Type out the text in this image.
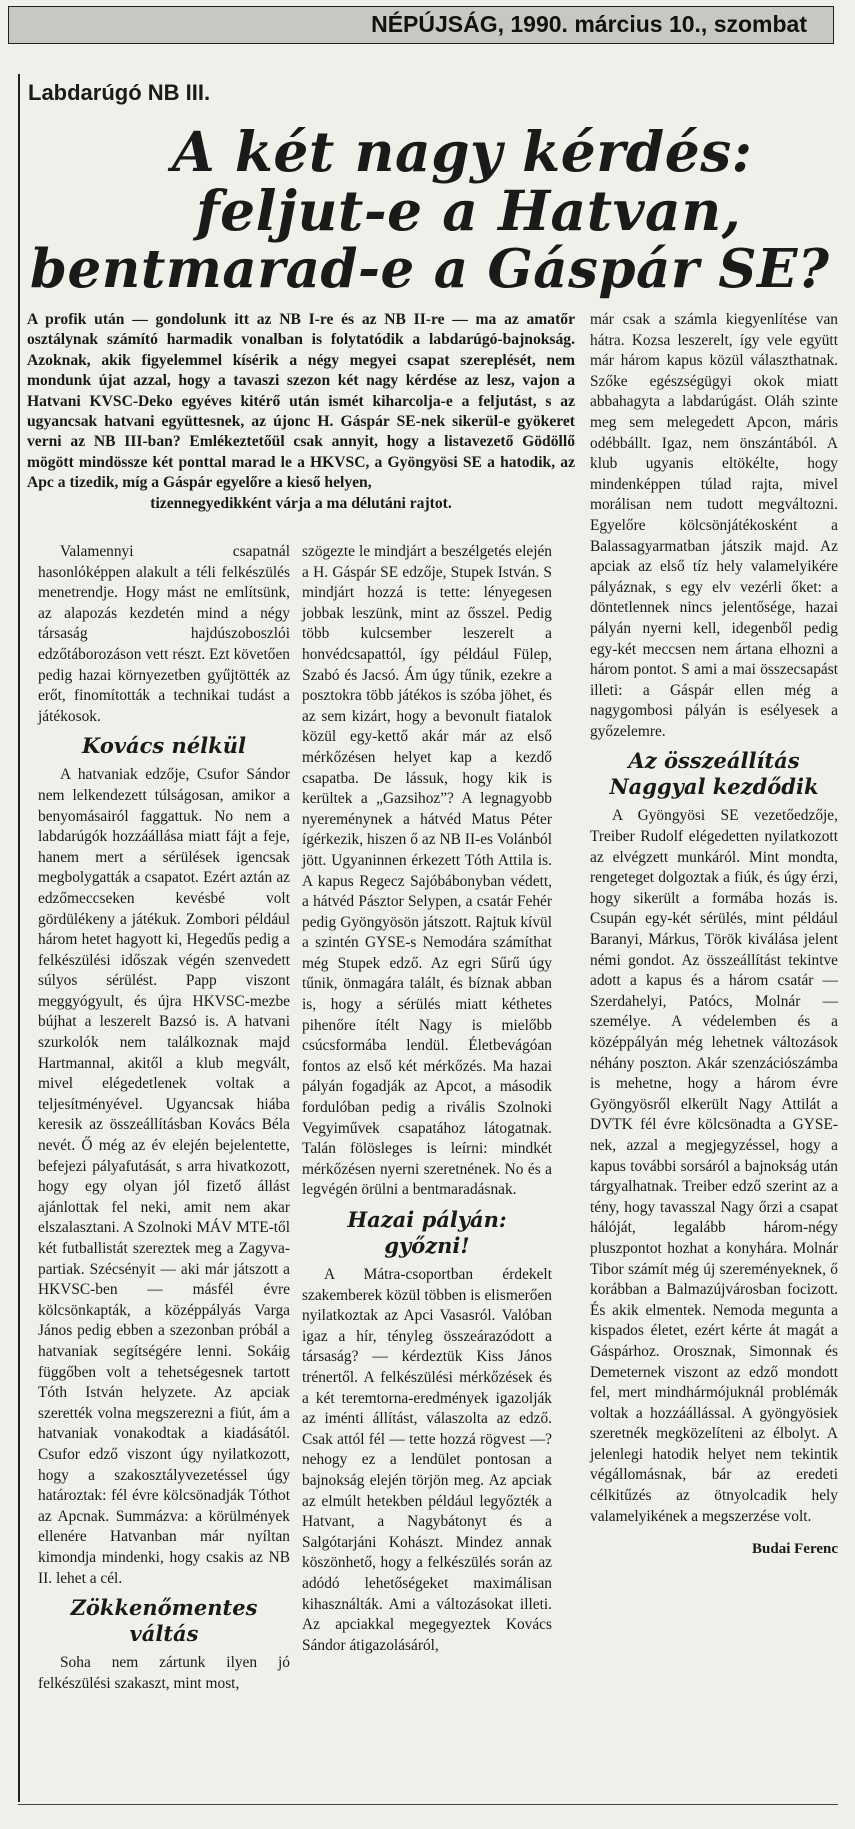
NÉPÚJSÁG, 1990. március 10., szombat
Labdarúgó NB III.
A két nagy kérdés:
feljut-e a Hatvan,
bentmarad-e a Gáspár SE?
A profik után — gondolunk itt az NB I-re és az NB II-re — ma az amatőr osztálynak számító harmadik vonalban is folytatódik a labdarúgó-bajnokság. Azoknak, akik figyelemmel kísérik a négy megyei csapat szereplését, nem mondunk újat azzal, hogy a tavaszi szezon két nagy kérdése az lesz, vajon a Hatvani KVSC-Deko egyéves kitérő után ismét kiharcolja-e a feljutást, s az ugyancsak hatvani együttesnek, az újonc H. Gáspár SE-nek sikerül-e gyökeret verni az NB III-ban? Emlékeztetőül csak annyit, hogy a listavezető Gödöllő mögött mindössze két ponttal marad le a HKVSC, a Gyöngyösi SE a hatodik, az Apc a tizedik, míg a Gáspár egyelőre a kieső helyen,
tizennegyedikként várja a ma délutáni rajtot.

Valamennyi csapatnál hasonlóképpen alakult a téli felkészülés menetrendje. Hogy mást ne említsünk, az alapozás kezdetén mind a négy társaság hajdúszoboszlói edzőtáborozáson vett részt. Ezt követően pedig hazai környezetben gyűjtötték az erőt, finomították a technikai tudást a játékosok.

Kovács nélkül

A hatvaniak edzője, Csufor Sándor nem lelkendezett túlságosan, amikor a benyomásairól faggattuk. No nem a labdarúgók hozzáállása miatt fájt a feje, hanem mert a sérülések igencsak megbolygatták a csapatot. Ezért aztán az edzőmeccseken kevésbé volt gördülékeny a játékuk. Zombori például három hetet hagyott ki, Hegedűs pedig a felkészülési időszak végén szenvedett súlyos sérülést. Papp viszont meggyógyult, és újra HKVSC-mezbe bújhat a leszerelt Bazsó is. A hatvani szurkolók nem találkoznak majd Hartmannal, akitől a klub megvált, mivel elégedetlenek voltak a teljesítményével. Ugyancsak hiába keresik az összeállításban Kovács Béla nevét. Ő még az év elején bejelentette, befejezi pályafutását, s arra hivatkozott, hogy egy olyan jól fizető állást ajánlottak fel neki, amit nem akar elszalasztani. A Szolnoki MÁV MTE-től két futballistát szereztek meg a Zagyva-partiak. Szécsényit — aki már játszott a HKVSC-ben — másfél évre kölcsönkapták, a középpályás Varga János pedig ebben a szezonban próbál a hatvaniak segítségére lenni. Sokáig függőben volt a tehetségesnek tartott Tóth István helyzete. Az apciak szerették volna megszerezni a fiút, ám a hatvaniak vonakodtak a kiadásától. Csufor edző viszont úgy nyilatkozott, hogy a szakosztályvezetéssel úgy határoztak: fél évre kölcsönadják Tóthot az Apcnak. Summázva: a körülmények ellenére Hatvanban már nyíltan kimondja mindenki, hogy csakis az NB II. lehet a cél.

Zökkenőmentes váltás

Soha nem zártunk ilyen jó felkészülési szakaszt, mint most,

szögezte le mindjárt a beszélgetés elején a H. Gáspár SE edzője, Stupek István. S mindjárt hozzá is tette: lényegesen jobbak leszünk, mint az ősszel. Pedig több kulcsember leszerelt a honvédcsapattól, így például Fülep, Szabó és Jacsó. Ám úgy tűnik, ezekre a posztokra több játékos is szóba jöhet, és az sem kizárt, hogy a bevonult fiatalok közül egy-kettő akár már az első mérkőzésen helyet kap a kezdő csapatba. De lássuk, hogy kik is kerültek a „Gazsihoz”? A legnagyobb nyereménynek a hátvéd Matus Péter ígérkezik, hiszen ő az NB II-es Volánból jött. Ugyaninnen érkezett Tóth Attila is. A kapus Regecz Sajóbábonyban védett, a hátvéd Pásztor Selypen, a csatár Fehér pedig Gyöngyösön játszott. Rajtuk kívül a szintén GYSE-s Nemodára számíthat még Stupek edző. Az egri Sűrű úgy tűnik, önmagára talált, és bíznak abban is, hogy a sérülés miatt kéthetes pihenőre ítélt Nagy is mielőbb csúcsformába lendül. Életbevágóan fontos az első két mérkőzés. Ma hazai pályán fogadják az Apcot, a második fordulóban pedig a rivális Szolnoki Vegyiművek csapatához látogatnak. Talán fölösleges is leírni: mindkét mérkőzésen nyerni szeretnének. No és a legvégén örülni a bentmaradásnak.

Hazai pályán: győzni!

A Mátra-csoportban érdekelt szakemberek közül többen is elismerően nyilatkoztak az Apci Vasasról. Valóban igaz a hír, tényleg összeárazódott a társaság? — kérdeztük Kiss János trénertől. A felkészülési mérkőzések és a két teremtorna-eredmények igazolják az iménti állítást, válaszolta az edző. Csak attól fél — tette hozzá rögvest —? nehogy ez a lendület pontosan a bajnokság elején törjön meg. Az apciak az elmúlt hetekben például legyőzték a Hatvant, a Nagybátonyt és a Salgótarjáni Kohászt. Mindez annak köszönhető, hogy a felkészülés során az adódó lehetőségeket maximálisan kihasználták. Ami a változásokat illeti. Az apciakkal megegyeztek Kovács Sándor átigazolásáról,

már csak a számla kiegyenlítése van hátra. Kozsa leszerelt, így vele együtt már három kapus közül választhatnak. Szőke egészségügyi okok miatt abbahagyta a labdarúgást. Oláh szinte meg sem melegedett Apcon, máris odébbállt. Igaz, nem önszántából. A klub ugyanis eltökélte, hogy mindenképpen túlad rajta, mivel morálisan nem tudott megváltozni. Egyelőre kölcsönjátékosként a Balassagyarmatban játszik majd. Az apciak az első tíz hely valamelyikére pályáznak, s egy elv vezérli őket: a döntetlennek nincs jelentősége, hazai pályán nyerni kell, idegenből pedig egy-két meccsen nem ártana elhozni a három pontot. S ami a mai összecsapást illeti: a Gáspár ellen még a nagygombosi pályán is esélyesek a győzelemre.

Az összeállítás Naggyal kezdődik

A Gyöngyösi SE vezetőedzője, Treiber Rudolf elégedetten nyilatkozott az elvégzett munkáról. Mint mondta, rengeteget dolgoztak a fiúk, és úgy érzi, hogy sikerült a formába hozás is. Csupán egy-két sérülés, mint például Baranyi, Márkus, Török kiválása jelent némi gondot. Az összeállítást tekintve adott a kapus és a három csatár — Szerdahelyi, Patócs, Molnár — személye. A védelemben és a középpályán még lehetnek változások néhány poszton. Akár szenzációszámba is mehetne, hogy a három évre Gyöngyösről elkerült Nagy Attilát a DVTK fél évre kölcsönadta a GYSE-nek, azzal a megjegyzéssel, hogy a kapus további sorsáról a bajnokság után tárgyalhatnak. Treiber edző szerint az a tény, hogy tavasszal Nagy őrzi a csapat hálóját, legalább három-négy pluszpontot hozhat a konyhára. Molnár Tibor számít még új szereményeknek, ő korábban a Balmazújvárosban focizott. És akik elmentek. Nemoda megunta a kispados életet, ezért kérte át magát a Gáspárhoz. Orosznak, Simonnak és Demeternek viszont az edző mondott fel, mert mindhármójuknál problémák voltak a hozzáállással. A gyöngyösiek szeretnék megközelíteni az élbolyt. A jelenlegi hatodik helyet nem tekintik végállomásnak, bár az eredeti célkitűzés az ötnyolcadik hely valamelyikének a megszerzése volt.

Budai Ferenc
